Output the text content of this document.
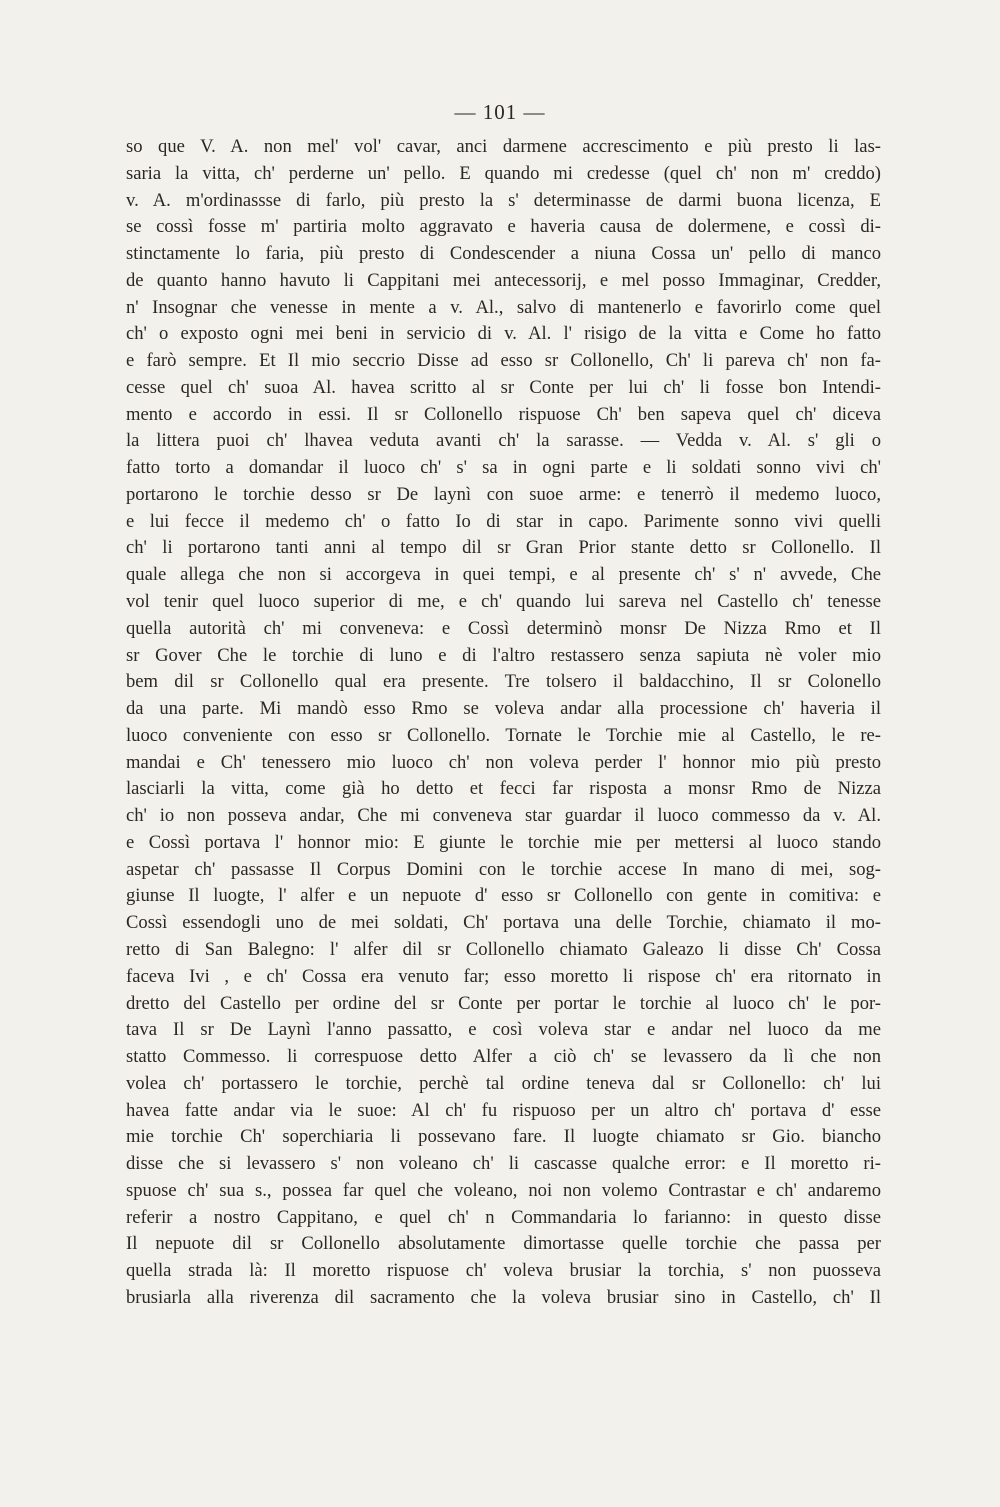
— 101 —
so que V. A. non mel' vol' cavar, anci darmene accrescimento e più presto li las-
saria la vitta, ch' perderne un' pello. E quando mi credesse (quel ch' non m' creddo)
v. A. m'ordinassse di farlo, più presto la s' determinasse de darmi buona licenza, E
se cossì fosse m' partiria molto aggravato e haveria causa de dolermene, e cossì di-
stinctamente lo faria, più presto di Condescender a niuna Cossa un' pello di manco
de quanto hanno havuto li Cappitani mei antecessorij, e mel posso Immaginar, Credder,
n' Insognar che venesse in mente a v. Al., salvo di mantenerlo e favorirlo come quel
ch' o exposto ogni mei beni in servicio di v. Al. l' risigo de la vitta e Come ho fatto
e farò sempre. Et Il mio seccrio Disse ad esso sr Collonello, Ch' li pareva ch' non fa-
cesse quel ch' suoa Al. havea scritto al sr Conte per lui ch' li fosse bon Intendi-
mento e accordo in essi. Il sr Collonello rispuose Ch' ben sapeva quel ch' diceva
la littera puoi ch' lhavea veduta avanti ch' la sarasse. — Vedda v. Al. s' gli o
fatto torto a domandar il luoco ch' s' sa in ogni parte e li soldati sonno vivi ch'
portarono le torchie desso sr De laynì con suoe arme: e tenerrò il medemo luoco,
e lui fecce il medemo ch' o fatto Io di star in capo. Parimente sonno vivi quelli
ch' li portarono tanti anni al tempo dil sr Gran Prior stante detto sr Collonello. Il
quale allega che non si accorgeva in quei tempi, e al presente ch' s' n' avvede, Che
vol tenir quel luoco superior di me, e ch' quando lui sareva nel Castello ch' tenesse
quella autorità ch' mi conveneva: e Cossì determinò monsr De Nizza Rmo et Il
sr Gover Che le torchie di luno e di l'altro restassero senza sapiuta nè voler mio
bem dil sr Collonello qual era presente. Tre tolsero il baldacchino, Il sr Colonello
da una parte. Mi mandò esso Rmo se voleva andar alla processione ch' haveria il
luoco conveniente con esso sr Collonello. Tornate le Torchie mie al Castello, le re-
mandai e Ch' tenessero mio luoco ch' non voleva perder l' honnor mio più presto
lasciarli la vitta, come già ho detto et fecci far risposta a monsr Rmo de Nizza
ch' io non posseva andar, Che mi conveneva star guardar il luoco commesso da v. Al.
e Cossì portava l' honnor mio: E giunte le torchie mie per mettersi al luoco stando
aspetar ch' passasse Il Corpus Domini con le torchie accese In mano di mei, sog-
giunse Il luogte, l' alfer e un nepuote d' esso sr Collonello con gente in comitiva: e
Cossì essendogli uno de mei soldati, Ch' portava una delle Torchie, chiamato il mo-
retto di San Balegno: l' alfer dil sr Collonello chiamato Galeazo li disse Ch' Cossa
faceva Ivi , e ch' Cossa era venuto far; esso moretto li rispose ch' era ritornato in
dretto del Castello per ordine del sr Conte per portar le torchie al luoco ch' le por-
tava Il sr De Laynì l'anno passatto, e così voleva star e andar nel luoco da me
statto Commesso. li correspuose detto Alfer a ciò ch' se levassero da lì che non
volea ch' portassero le torchie, perchè tal ordine teneva dal sr Collonello: ch' lui
havea fatte andar via le suoe: Al ch' fu rispuoso per un altro ch' portava d' esse
mie torchie Ch' soperchiaria li possevano fare. Il luogte chiamato sr Gio. biancho
disse che si levassero s' non voleano ch' li cascasse qualche error: e Il moretto ri-
spuose ch' sua s., possea far quel che voleano, noi non volemo Contrastar e ch' andaremo
referir a nostro Cappitano, e quel ch' n Commandaria lo farianno: in questo disse
Il nepuote dil sr Collonello absolutamente dimortasse quelle torchie che passa per
quella strada là: Il moretto rispuose ch' voleva brusiar la torchia, s' non puosseva
brusiarla alla riverenza dil sacramento che la voleva brusiar sino in Castello, ch' Il
